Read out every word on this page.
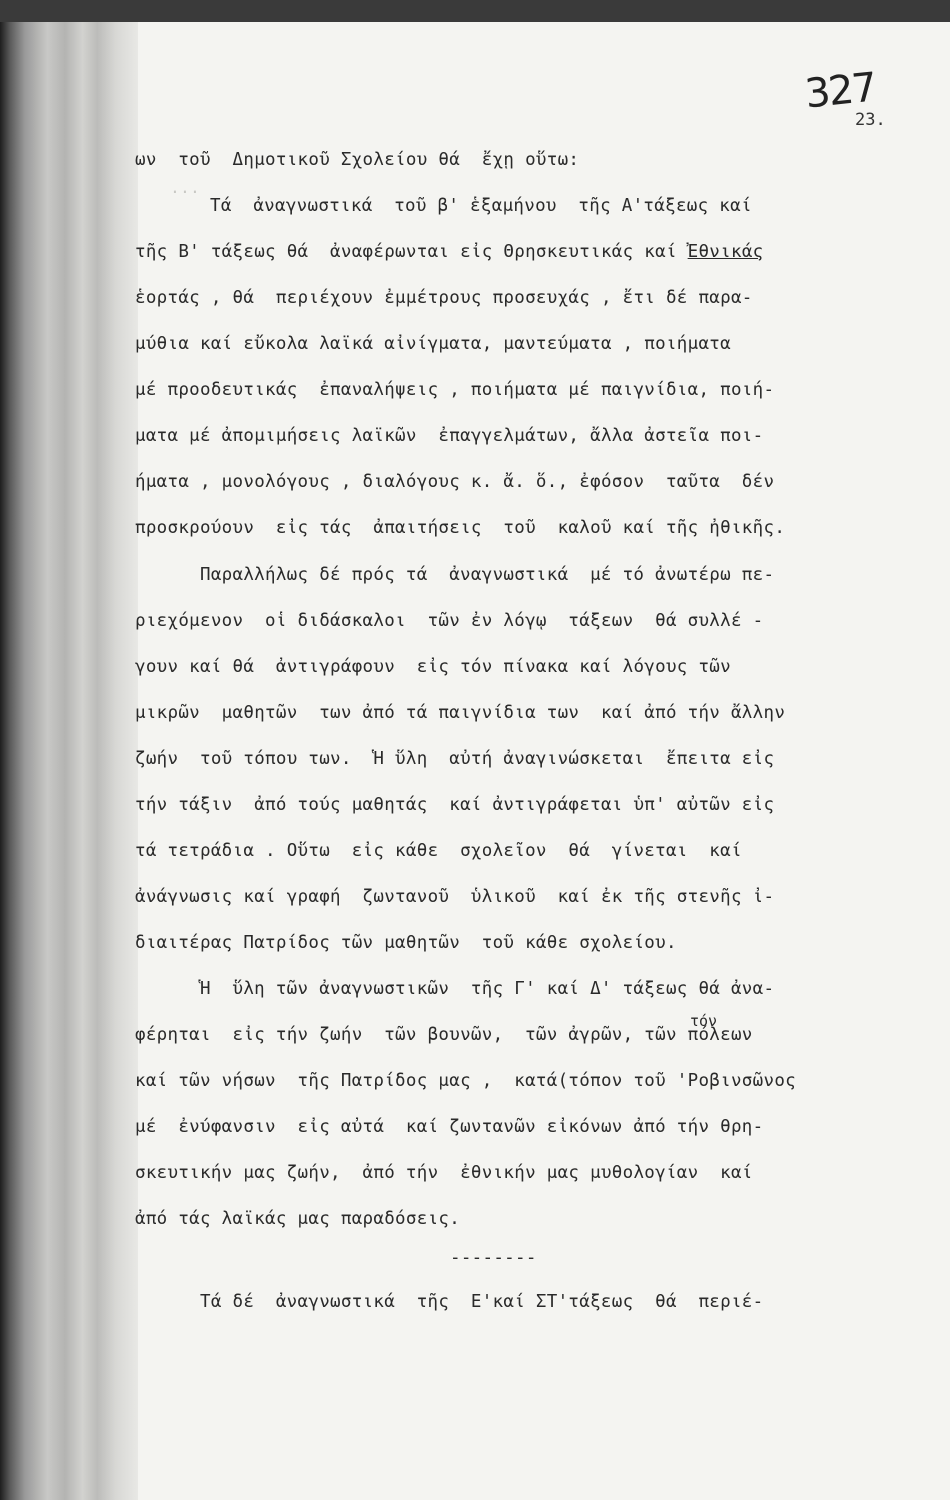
...
327
23.
ων  τοῦ  Δημοτικοῦ Σχολείου θά  ἔχῃ οὕτω:
Τά  ἀναγνωστικά  τοῦ β' ἑξαμήνου  τῆς Α'τάξεως καί
τῆς Β' τάξεως θά  ἀναφέρωνται εἰς Θρησκευτικάς καί Ἐθνικάς
ἑορτάς , θά  περιέχουν ἐμμέτρους προσευχάς , ἔτι δέ παρα-
μύθια καί εὔκολα λαϊκά αἰνίγματα, μαντεύματα , ποιήματα
μέ προοδευτικάς  ἐπαναλήψεις , ποιήματα μέ παιγνίδια, ποιή-
ματα μέ ἀπομιμήσεις λαϊκῶν  ἐπαγγελμάτων, ἄλλα ἀστεῖα ποι-
ήματα , μονολόγους , διαλόγους κ. ἄ. ὅ., ἐφόσον  ταῦτα  δέν
προσκρούουν  εἰς τάς  ἀπαιτήσεις  τοῦ  καλοῦ καί τῆς ἠθικῆς.
Παραλλήλως δέ πρός τά  ἀναγνωστικά  μέ τό ἀνωτέρω πε-
ριεχόμενον  οἱ διδάσκαλοι  τῶν ἐν λόγῳ  τάξεων  θά συλλέ -
γουν καί θά  ἀντιγράφουν  εἰς τόν πίνακα καί λόγους τῶν
μικρῶν  μαθητῶν  των ἀπό τά παιγνίδια των  καί ἀπό τήν ἄλλην
ζωήν  τοῦ τόπου των.  Ἡ ὕλη  αὐτή ἀναγινώσκεται  ἔπειτα εἰς
τήν τάξιν  ἀπό τούς μαθητάς  καί ἀντιγράφεται ὑπ' αὐτῶν εἰς
τά τετράδια . Οὕτω  εἰς κάθε  σχολεῖον  θά  γίνεται  καί
ἀνάγνωσις καί γραφή  ζωντανοῦ  ὑλικοῦ  καί ἐκ τῆς στενῆς ἰ-
διαιτέρας Πατρίδος τῶν μαθητῶν  τοῦ κάθε σχολείου.
Ἡ  ὕλη τῶν ἀναγνωστικῶν  τῆς Γ' καί Δ' τάξεως θά ἀνα-
φέρηται  εἰς τήν ζωήν  τῶν βουνῶν,  τῶν ἀγρῶν, τῶν πόλεων
τόν
καί τῶν νήσων  τῆς Πατρίδος μας ,  κατά(τόπον τοῦ 'Ροβινσῶνος
μέ  ἐνύφανσιν  εἰς αὐτά  καί ζωντανῶν εἰκόνων ἀπό τήν θρη-
σκευτικήν μας ζωήν,  ἀπό τήν  ἐθνικήν μας μυθολογίαν  καί
ἀπό τάς λαϊκάς μας παραδόσεις.
--------
Τά δέ  ἀναγνωστικά  τῆς  Ε'καί ΣΤ'τάξεως  θά  περιέ-
